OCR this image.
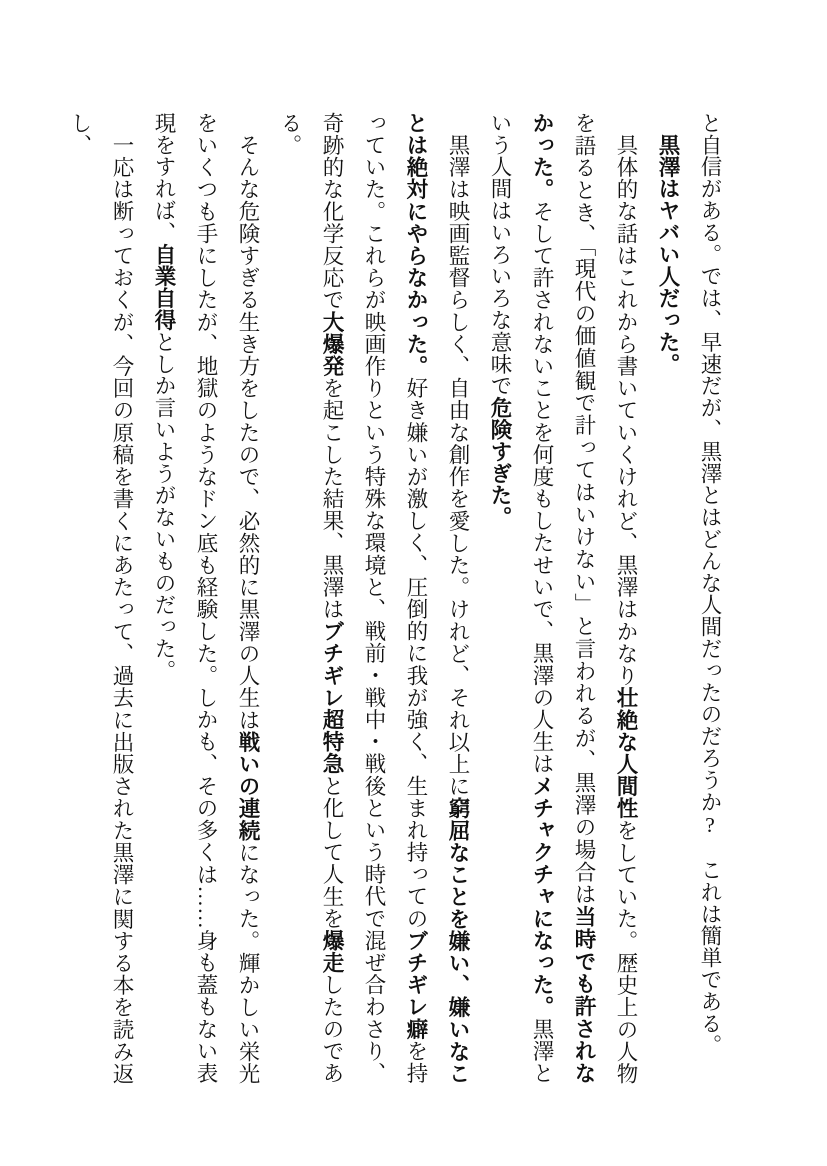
と自信がある。では、早速だが、黒澤とはどんな人間だったのだろうか?　これは簡単である。

黒澤はヤバい人だった。

具体的な話はこれから書いていくけれど、黒澤はかなり壮絶な人間性をしていた。歴史上の人物を語るとき、「現代の価値観で計ってはいけない」と言われるが、黒澤の場合は当時でも許されなかった。そして許されないことを何度もしたせいで、黒澤の人生はメチャクチャになった。黒澤という人間はいろいろな意味で危険すぎた。

黒澤は映画監督らしく、自由な創作を愛した。けれど、それ以上に窮屈なことを嫌い、嫌いなことは絶対にやらなかった。好き嫌いが激しく、圧倒的に我が強く、生まれ持ってのブチギレ癖を持っていた。これらが映画作りという特殊な環境と、戦前・戦中・戦後という時代で混ぜ合わさり、奇跡的な化学反応で大爆発を起こした結果、黒澤はブチギレ超特急と化して人生を爆走したのである。

そんな危険すぎる生き方をしたので、必然的に黒澤の人生は戦いの連続になった。輝かしい栄光をいくつも手にしたが、地獄のようなドン底も経験した。しかも、その多くは……身も蓋もない表現をすれば、自業自得としか言いようがないものだった。

一応は断っておくが、今回の原稿を書くにあたって、過去に出版された黒澤に関する本を読み返し、
